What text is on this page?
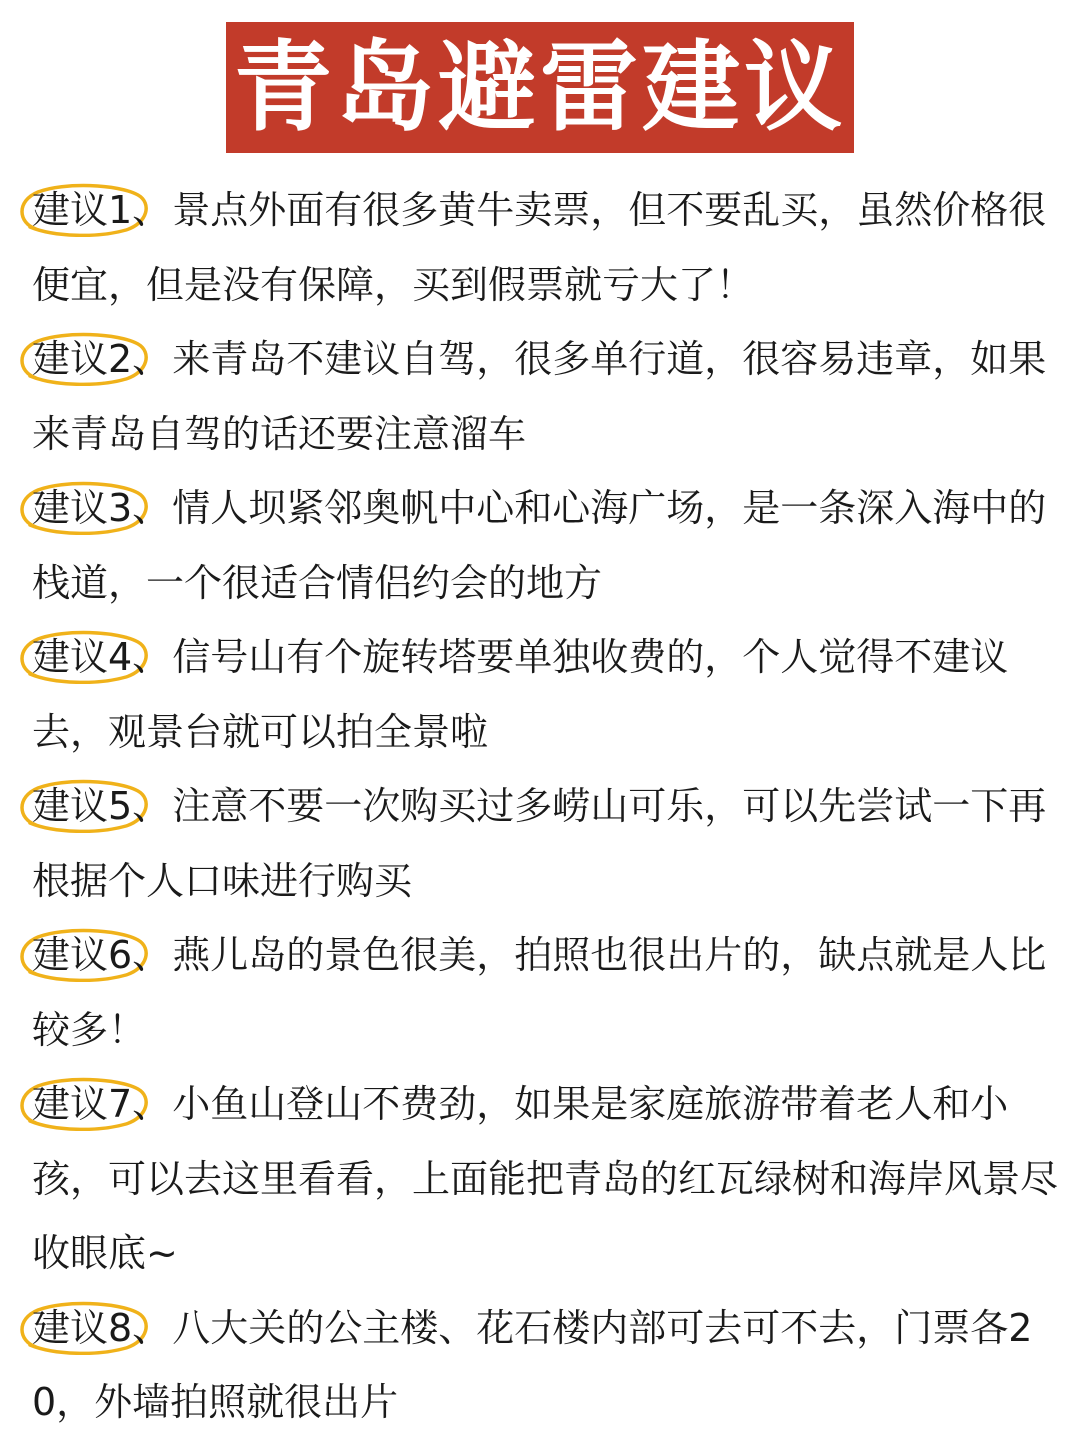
青岛避雷建议
建议1、景点外面有很多黄牛卖票，但不要乱买，虽然价格很便宜，但是没有保障，买到假票就亏大了！
建议2、来青岛不建议自驾，很多单行道，很容易违章，如果来青岛自驾的话还要注意溜车
建议3、情人坝紧邻奥帆中心和心海广场，是一条深入海中的栈道，一个很适合情侣约会的地方
建议4、信号山有个旋转塔要单独收费的，个人觉得不建议去，观景台就可以拍全景啦
建议5、注意不要一次购买过多崂山可乐，可以先尝试一下再根据个人口味进行购买
建议6、燕儿岛的景色很美，拍照也很出片的，缺点就是人比较多！
建议7、小鱼山登山不费劲，如果是家庭旅游带着老人和小孩，可以去这里看看，上面能把青岛的红瓦绿树和海岸风景尽收眼底~
建议8、八大关的公主楼、花石楼内部可去可不去，门票各20，外墙拍照就很出片
